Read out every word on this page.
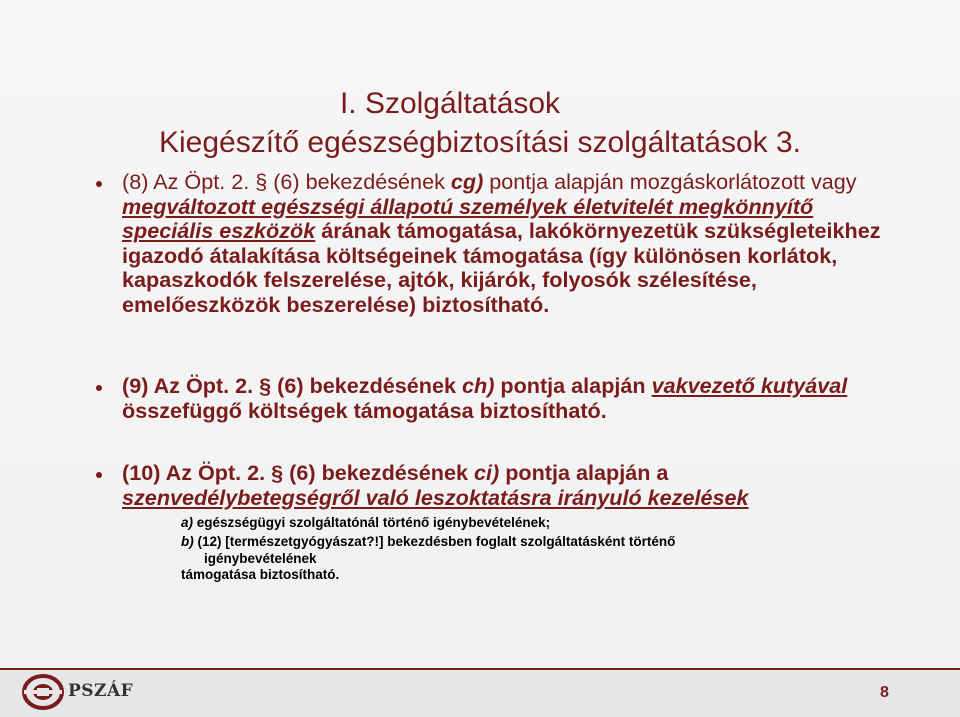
I. Szolgáltatások
Kiegészítő egészségbiztosítási szolgáltatások 3.
(8) Az Öpt. 2. § (6) bekezdésének cg) pontja alapján mozgáskorlátozott vagy megváltozott egészségi állapotú személyek életvitelét megkönnyítő speciális eszközök árának támogatása, lakókörnyezetük szükségleteikhez igazodó átalakítása költségeinek támogatása (így különösen korlátok, kapaszkodók felszerelése, ajtók, kijárók, folyosók szélesítése, emelőeszközök beszerelése) biztosítható.
(9) Az Öpt. 2. § (6) bekezdésének ch) pontja alapján vakvezető kutyával összefüggő költségek támogatása biztosítható.
(10) Az Öpt. 2. § (6) bekezdésének ci) pontja alapján a szenvedélybetegségről való leszoktatásra irányuló kezelések
a) egészségügyi szolgáltatónál történő igénybevételének;
b) (12) [természetgyógyászat?!] bekezdésben foglalt szolgáltatásként történő
igénybevételének
támogatása biztosítható.
PSZÁF	8
